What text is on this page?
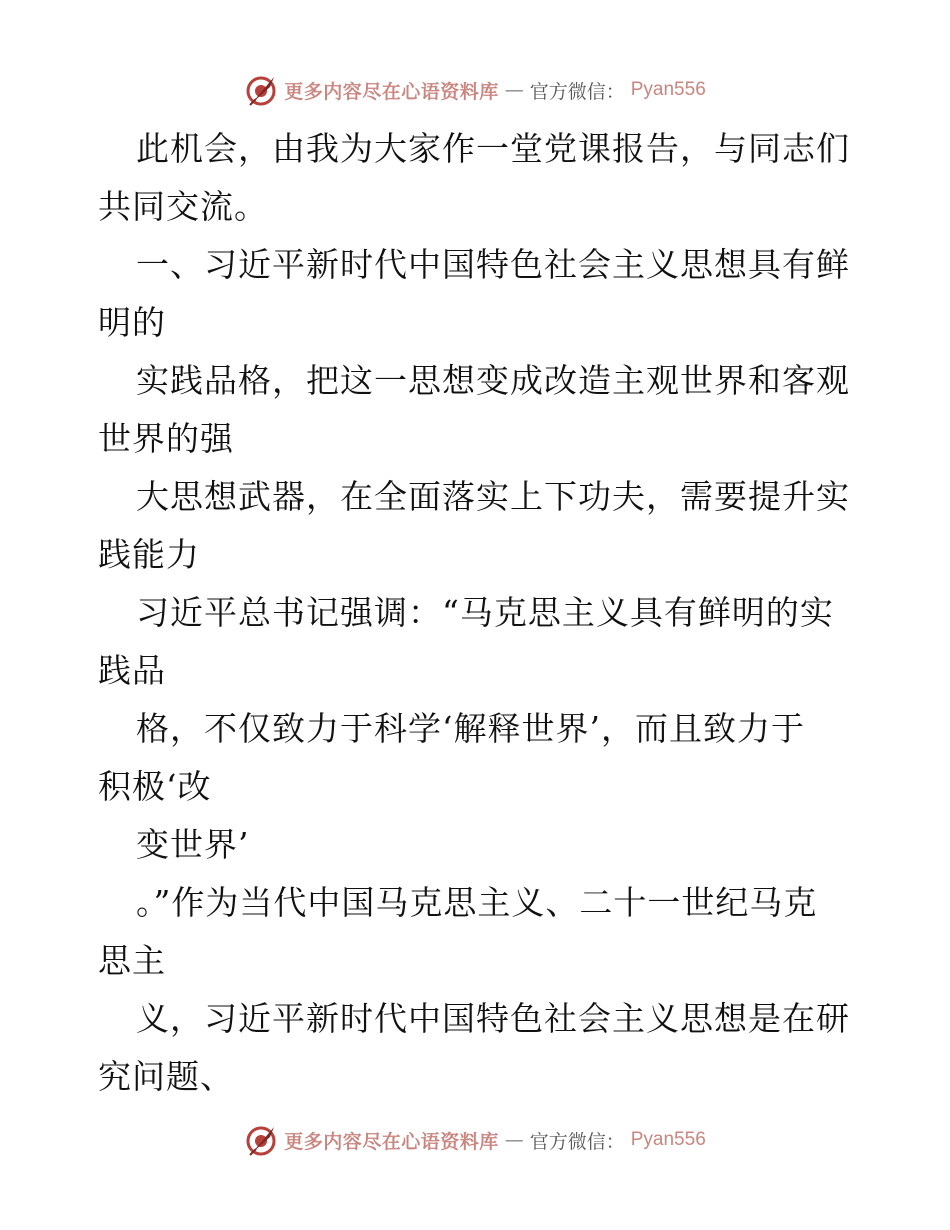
更多内容尽在心语资料库 — 官方微信： Pyan556
此机会，由我为大家作一堂党课报告，与同志们
共同交流。
一、习近平新时代中国特色社会主义思想具有鲜
明的
实践品格，把这一思想变成改造主观世界和客观
世界的强
大思想武器，在全面落实上下功夫，需要提升实
践能力
习近平总书记强调：“马克思主义具有鲜明的实
践品
格，不仅致力于科学‘解释世界’，而且致力于
积极‘改
变世界’
。”作为当代中国马克思主义、二十一世纪马克
思主
义，习近平新时代中国特色社会主义思想是在研
究问题、
更多内容尽在心语资料库 — 官方微信： Pyan556
